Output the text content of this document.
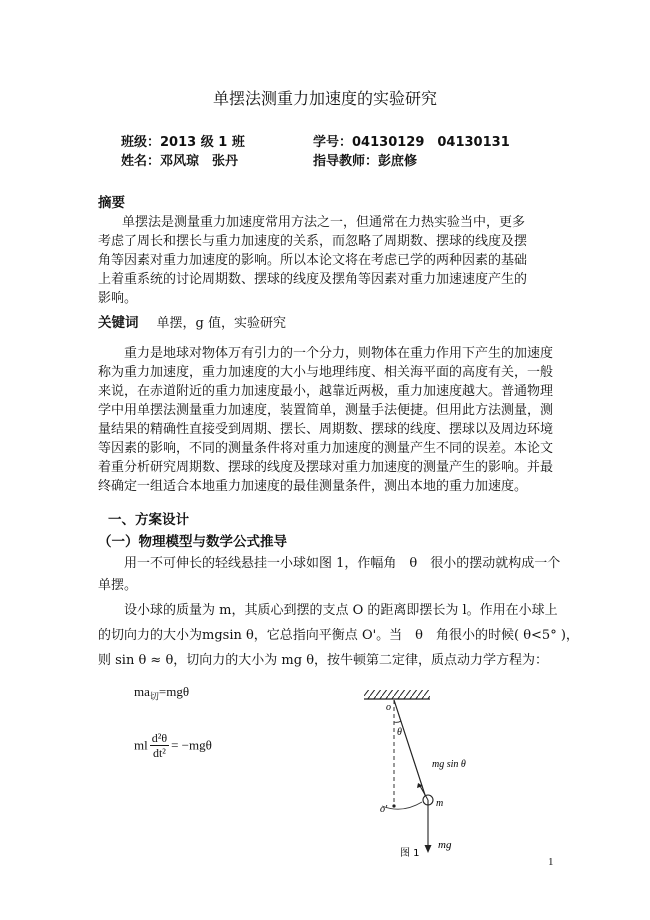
单摆法测重力加速度的实验研究
班级：2013 级 1 班	学号：04130129　04130131
姓名：邓风琼　张丹	指导教师：彭庶修
摘要
单摆法是测量重力加速度常用方法之一，但通常在力热实验当中，更多
考虑了周长和摆长与重力加速度的关系，而忽略了周期数、摆球的线度及摆
角等因素对重力加速度的影响。所以本论文将在考虑已学的两种因素的基础
上着重系统的讨论周期数、摆球的线度及摆角等因素对重力加速速度产生的
影响。
关键词 单摆，g 值，实验研究
重力是地球对物体万有引力的一个分力，则物体在重力作用下产生的加速度
称为重力加速度，重力加速度的大小与地理纬度、相关海平面的高度有关，一般
来说，在赤道附近的重力加速度最小，越靠近两极，重力加速度越大。普通物理
学中用单摆法测量重力加速度，装置简单，测量手法便捷。但用此方法测量，测
量结果的精确性直接受到周期、摆长、周期数、摆球的线度、摆球以及周边环境
等因素的影响，不同的测量条件将对重力加速度的测量产生不同的误差。本论文
着重分析研究周期数、摆球的线度及摆球对重力加速度的测量产生的影响。并最
终确定一组适合本地重力加速度的最佳测量条件，测出本地的重力加速度。
一、方案设计
（一）物理模型与数学公式推导
用一不可伸长的轻线悬挂一小球如图 1，作幅角　θ　很小的摆动就构成一个
单摆。
设小球的质量为 m，其质心到摆的支点 O 的距离即摆长为 l。作用在小球上
的切向力的大小为mgsin θ，它总指向平衡点 O'。当　θ　角很小的时候( θ<5° )，
则 sin θ ≈ θ，切向力的大小为 mg θ，按牛顿第二定律，质点动力学方程为：
$ma_切=mg\theta$
ml $\frac{\text{d²θ}}{\text{dt²}} = -mg\theta$
o
θ
mg sin θ
o'
m
mg
图 1
1
